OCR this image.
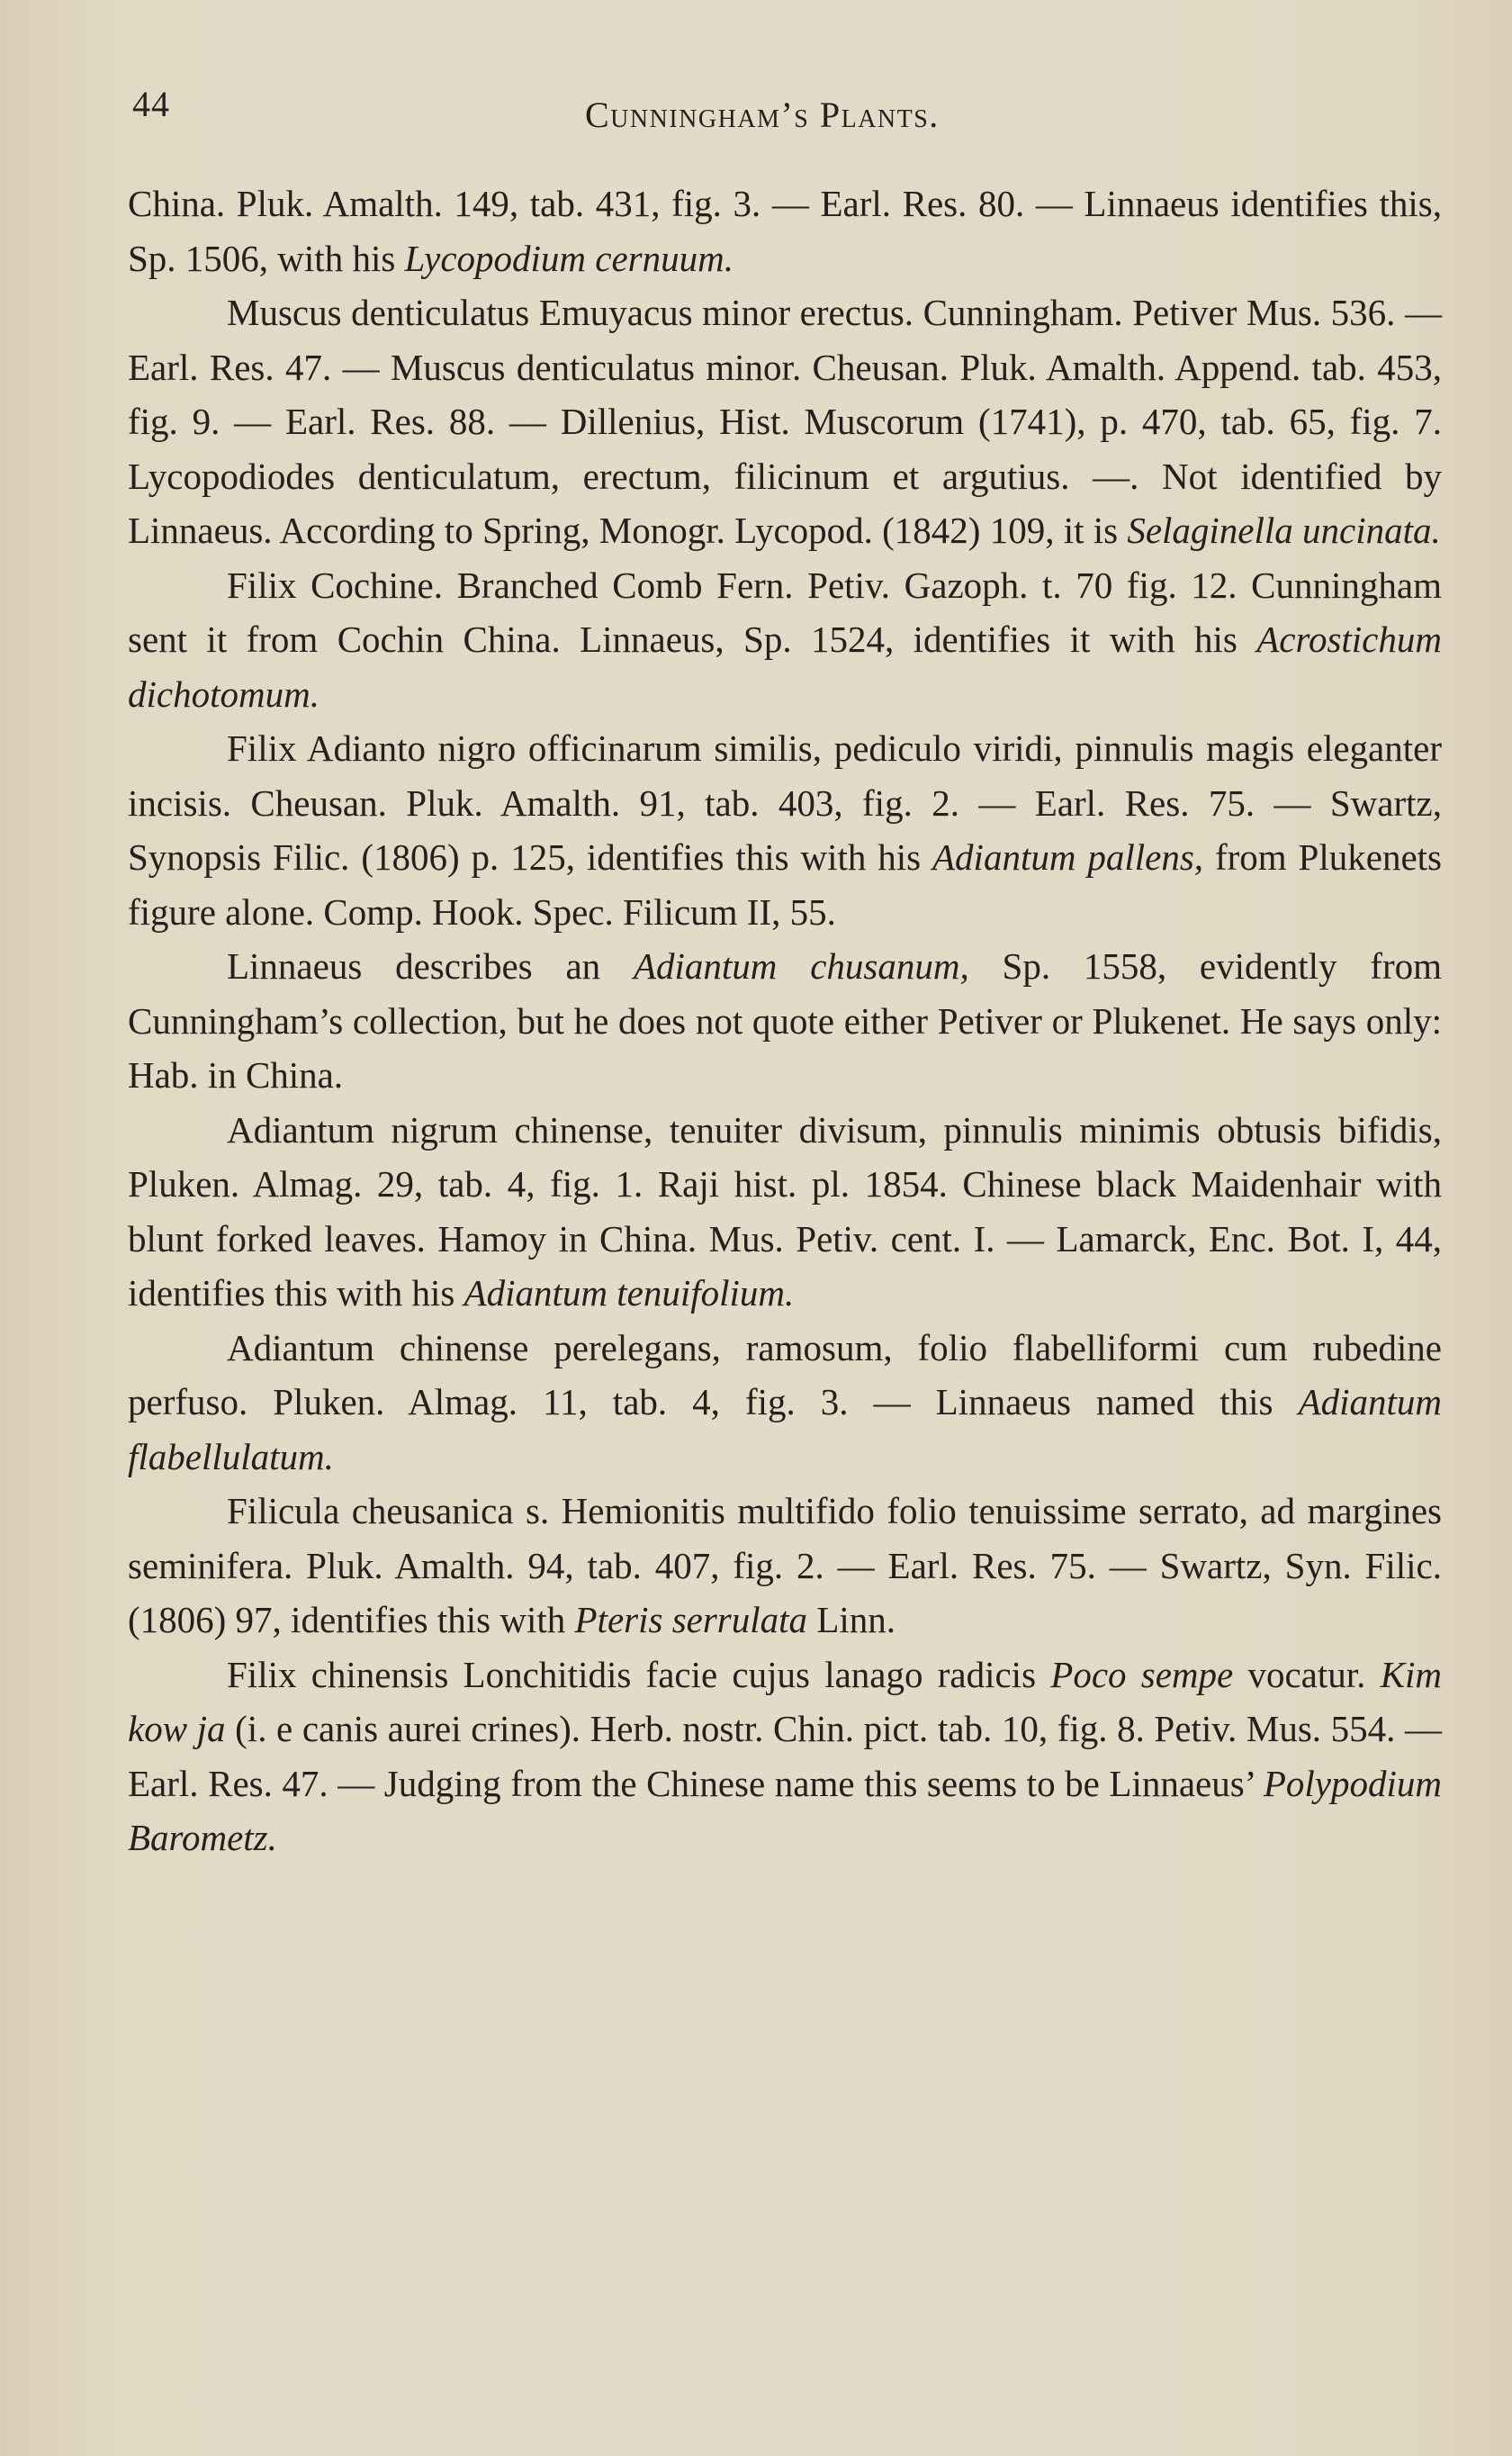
44	Cunningham’s Plants.

China. Pluk. Amalth. 149, tab. 431, fig. 3. — Earl. Res. 80. — Linnaeus identifies this, Sp. 1506, with his Lycopodium cernuum.

Muscus denticulatus Emuyacus minor erectus. Cunningham. Petiver Mus. 536. — Earl. Res. 47. — Muscus denticulatus minor. Cheusan. Pluk. Amalth. Append. tab. 453, fig. 9. — Earl. Res. 88. — Dillenius, Hist. Muscorum (1741), p. 470, tab. 65, fig. 7. Lycopodiodes denticulatum, erectum, filicinum et argutius. —. Not identified by Linnaeus. According to Spring, Monogr. Lycopod. (1842) 109, it is Selaginella uncinata.

Filix Cochine. Branched Comb Fern. Petiv. Gazoph. t. 70 fig. 12. Cunningham sent it from Cochin China. Linnaeus, Sp. 1524, identifies it with his Acrostichum dichotomum.

Filix Adianto nigro officinarum similis, pediculo viridi, pinnulis magis eleganter incisis. Cheusan. Pluk. Amalth. 91, tab. 403, fig. 2. — Earl. Res. 75. — Swartz, Synopsis Filic. (1806) p. 125, identifies this with his Adiantum pallens, from Plukenets figure alone. Comp. Hook. Spec. Filicum II, 55.

Linnaeus describes an Adiantum chusanum, Sp. 1558, evidently from Cunningham’s collection, but he does not quote either Petiver or Plukenet. He says only: Hab. in China.

Adiantum nigrum chinense, tenuiter divisum, pinnulis minimis obtusis bifidis, Pluken. Almag. 29, tab. 4, fig. 1. Raji hist. pl. 1854. Chinese black Maidenhair with blunt forked leaves. Hamoy in China. Mus. Petiv. cent. I. — Lamarck, Enc. Bot. I, 44, identifies this with his Adiantum tenuifolium.

Adiantum chinense perelegans, ramosum, folio flabelliformi cum rubedine perfuso. Pluken. Almag. 11, tab. 4, fig. 3. — Linnaeus named this Adiantum flabellulatum.

Filicula cheusanica s. Hemionitis multifido folio tenuissime serrato, ad margines seminifera. Pluk. Amalth. 94, tab. 407, fig. 2. — Earl. Res. 75. — Swartz, Syn. Filic. (1806) 97, identifies this with Pteris serrulata Linn.

Filix chinensis Lonchitidis facie cujus lanago radicis Poco sempe vocatur. Kim kow ja (i. e canis aurei crines). Herb. nostr. Chin. pict. tab. 10, fig. 8. Petiv. Mus. 554. — Earl. Res. 47. — Judging from the Chinese name this seems to be Linnaeus’ Polypodium Barometz.
